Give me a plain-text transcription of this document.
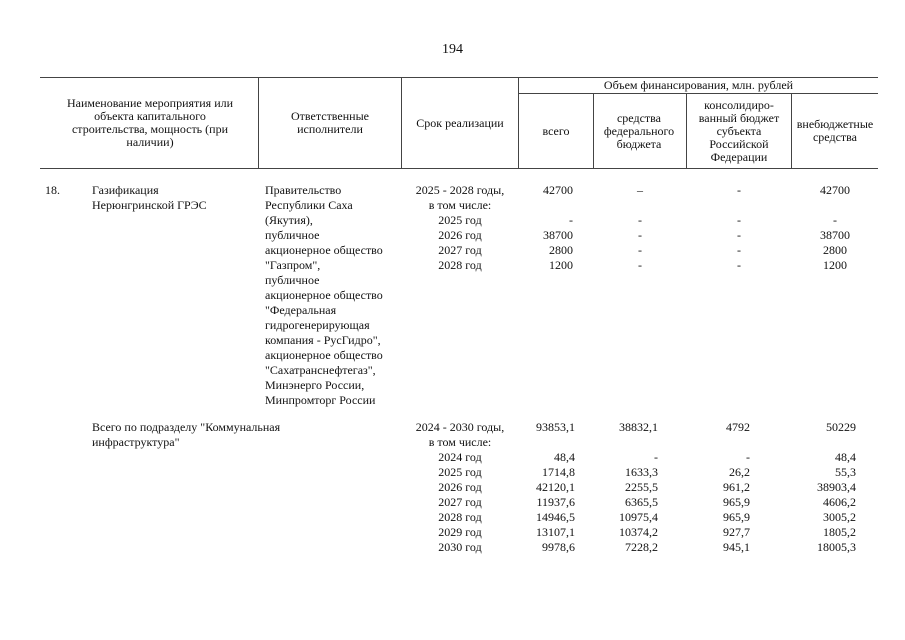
194
Наименование мероприятия или объекта капитального строительства, мощность (при наличии)
Ответственные исполнители	Срок реализации
Объем финансирования, млн. рублей
всего
средства федерального бюджета
консолидиро-ванный бюджет субъекта Российской Федерации
внебюджетные средства
18.	Газификация
Нерюнгринской ГРЭС
Правительство
Республики Саха
(Якутия),
публичное
акционерное общество
"Газпром",
публичное
акционерное общество
"Федеральная
гидрогенерирующая
компания - РусГидро",
акционерное общество
"Сахатранснефтегаз",
Минэнерго России,
Минпромторг России
2025 - 2028 годы,
в том числе:
2025 год
2026 год
2027 год
2028 год
42700
-
38700
2800
1200
–
-
-
-
-
-
-
-
-
-
42700
-
38700
2800
1200
Всего по подразделу "Коммунальная
инфраструктура"
2024 - 2030 годы,
в том числе:
2024 год
2025 год
2026 год
2027 год
2028 год
2029 год
2030 год
93853,1
48,4
1714,8
42120,1
11937,6
14946,5
13107,1
9978,6
38832,1
-
1633,3
2255,5
6365,5
10975,4
10374,2
7228,2
4792
-
26,2
961,2
965,9
965,9
927,7
945,1
50229
48,4
55,3
38903,4
4606,2
3005,2
1805,2
18005,3
